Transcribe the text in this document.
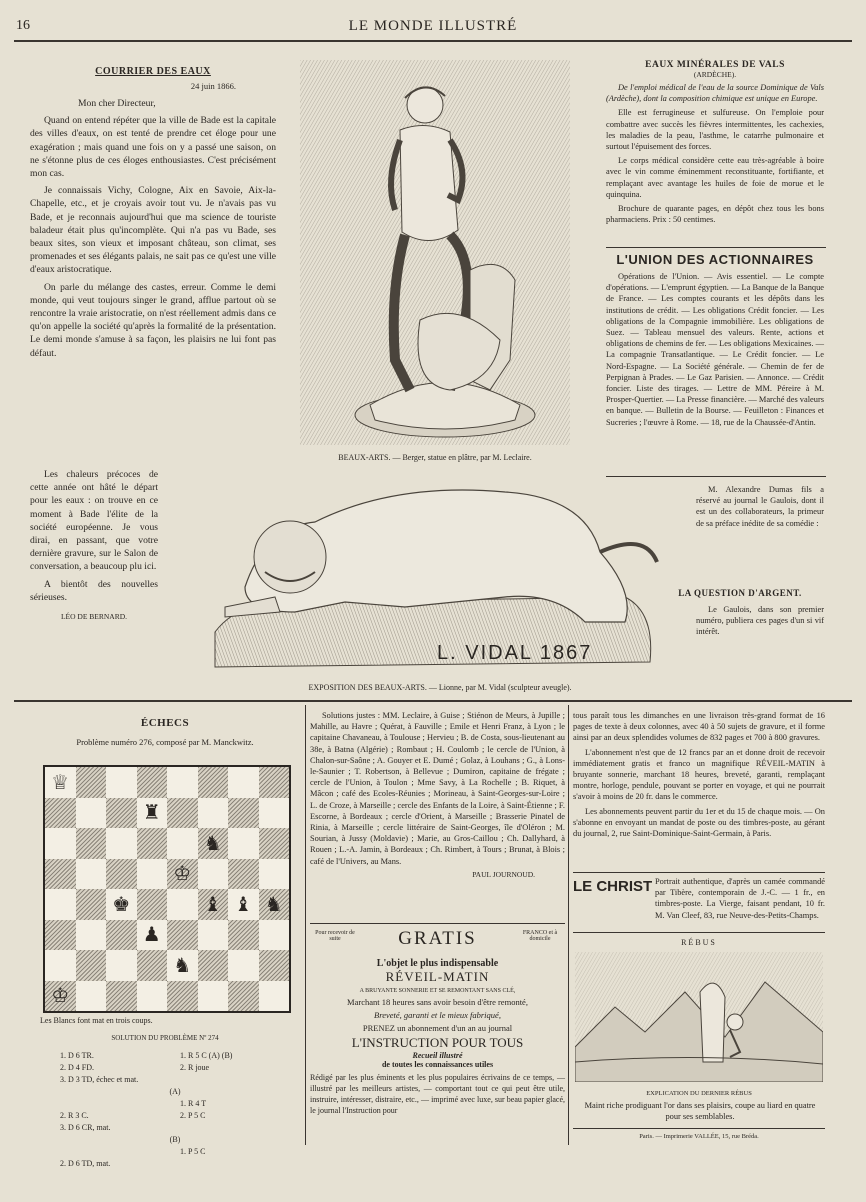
16	LE MONDE ILLUSTRÉ
COURRIER DES EAUX
24 juin 1866.

Mon cher Directeur,

Quand on entend répéter que la ville de Bade est la capitale des villes d'eaux, on est tenté de prendre cet éloge pour une exagération ; mais quand une fois on y a passé une saison, on ne s'étonne plus de ces éloges enthousiastes. C'est précisément mon cas.

Je connaissais Vichy, Cologne, Aix en Savoie, Aix-la-Chapelle, etc., et je croyais avoir tout vu. Je n'avais pas vu Bade, et je reconnais aujourd'hui que ma science de touriste baladeur était plus qu'incomplète. Qui n'a pas vu Bade, ses beaux sites, son vieux et imposant château, son climat, ses promenades et ses élégants palais, ne sait pas ce qu'est une ville d'eaux aristocratique.

On parle du mélange des castes, erreur. Comme le demi monde, qui veut toujours singer le grand, afflue partout où se rencontre la vraie aristocratie, on n'est réellement admis dans ce qu'on appelle la société qu'après la formalité de la présentation. Le demi monde s'amuse à sa façon, les plaisirs ne lui font pas défaut.

Les chaleurs précoces de cette année ont hâté le départ pour les eaux : on trouve en ce moment à Bade l'élite de la société européenne. Je vous dirai, en passant, que votre dernière gravure, sur le Salon de conversation, a beaucoup plu ici.

A bientôt des nouvelles sérieuses.

LÉO DE BERNARD.
BEAUX-ARTS. — Berger, statue en plâtre, par M. Leclaire.
L. VIDAL 1867
EXPOSITION DES BEAUX-ARTS. — Lionne, par M. Vidal (sculpteur aveugle).
EAUX MINÉRALES DE VALS
(ARDÈCHE).

De l'emploi médical de l'eau de la source Dominique de Vals (Ardèche), dont la composition chimique est unique en Europe.

Elle est ferrugineuse et sulfureuse. On l'emploie pour combattre avec succès les fièvres intermittentes, les cachexies, les maladies de la peau, l'asthme, le catarrhe pulmonaire et surtout l'épuisement des forces.

Le corps médical considère cette eau très-agréable à boire avec le vin comme éminemment reconstituante, fortifiante, et remplaçant avec avantage les huiles de foie de morue et le quinquina.

Brochure de quarante pages, en dépôt chez tous les bons pharmaciens. Prix : 50 centimes.

L'UNION DES ACTIONNAIRES

Opérations de l'Union. — Avis essentiel. — Le compte d'opérations. — L'emprunt égyptien. — La Banque de la Banque de France. — Les comptes courants et les dépôts dans les institutions de crédit. — Les obligations Crédit foncier. — Les obligations de la Compagnie immobilière. Les obligations de Suez. — Tableau mensuel des valeurs. Rente, actions et obligations de chemins de fer. — Les obligations Mexicaines. — La compagnie Transatlantique. — Le Crédit foncier. — Le Nord-Espagne. — La Société générale. — Chemin de fer de Perpignan à Prades. — Le Gaz Parisien. — Annonce. — Crédit foncier. Liste des tirages. — Lettre de MM. Péreire à M. Prosper-Quertier. — La Presse financière. — Marché des valeurs en banque. — Bulletin de la Bourse. — Feuilleton : Finances et Sucreries ; l'œuvre à Rome. — 18, rue de la Chaussée-d'Antin.

M. Alexandre Dumas fils a réservé au journal le Gaulois, dont il est un des collaborateurs, la primeur de sa préface inédite de sa comédie :

LA QUESTION D'ARGENT.

Le Gaulois, dans son premier numéro, publiera ces pages d'un si vif intérêt.

ÉCHECS
Problème numéro 276, composé par M. Manckwitz.
♕
♜
♞
♔
♚	♝ ♝ ♞
♟
♞
♔
Les Blancs font mat en trois coups.
SOLUTION DU PROBLÈME Nº 274
1. D 6 TR.	1. R 5 C (A) (B)
2. D 4 FD.	2. R joue
3. D 3 TD, échec et mat.
(A)
1. R 4 T
2. R 3 C.	2. P 5 C
3. D 6 CR, mat.
(B)
1. P 5 C
2. D 6 TD, mat.

Solutions justes : MM. Leclaire, à Guise ; Stiénon de Meurs, à Jupille ; Mahille, au Havre ; Quérat, à Fauville ; Emile et Henri Franz, à Lyon ; le capitaine Chavaneau, à Toulouse ; Hervieu ; B. de Costa, sous-lieutenant au 38e, à Batna (Algérie) ; Rombaut ; H. Coulomb ; le cercle de l'Union, à Chalon-sur-Saône ; A. Gouyer et E. Dumé ; Golaz, à Louhans ; G., à Lons-le-Saunier ; T. Robertson, à Bellevue ; Dumiron, capitaine de frégate ; cercle de l'Union, à Toulon ; Mme Savy, à La Rochelle ; B. Riquet, à Mâcon ; café des Ecoles-Réunies ; Morineau, à Saint-Georges-sur-Loire ; L. de Croze, à Marseille ; cercle des Enfants de la Loire, à Saint-Étienne ; F. Escorne, à Bordeaux ; cercle d'Orient, à Marseille ; Brasserie Pinatel de Rinia, à Marseille ; cercle littéraire de Saint-Georges, île d'Oléron ; M. Sourian, à Jussy (Moldavie) ; Marie, au Gros-Caillou ; Ch. Dallyhard, à Rouen ; L.-A. Jamin, à Bordeaux ; Ch. Rimbert, à Tours ; Brunat, à Blois ; café de l'Univers, au Mans.

PAUL JOURNOUD.
Pour recevoir de suite
FRANCO et à domicile
GRATIS
L'objet le plus indispensable
RÉVEIL-MATIN
A BRUYANTE SONNERIE ET SE REMONTANT SANS CLÉ,
Marchant 18 heures sans avoir besoin d'être remonté,
Breveté, garanti et le mieux fabriqué,
PRENEZ un abonnement d'un an au journal
L'INSTRUCTION POUR TOUS
Recueil illustré
de toutes les connaissances utiles
Rédigé par les plus éminents et les plus populaires écrivains de ce temps, — illustré par les meilleurs artistes, — comportant tout ce qui peut être utile, instruire, intéresser, distraire, etc., — imprimé avec luxe, sur beau papier glacé, le journal l'Instruction pour

tous paraît tous les dimanches en une livraison très-grand format de 16 pages de texte à deux colonnes, avec 40 à 50 sujets de gravure, et il forme ainsi par an deux splendides volumes de 832 pages et 700 à 800 gravures.

L'abonnement n'est que de 12 francs par an et donne droit de recevoir immédiatement gratis et franco un magnifique RÉVEIL-MATIN à bruyante sonnerie, marchant 18 heures, breveté, garanti, remplaçant montre, horloge, pendule, pouvant se porter en voyage, et qui ne pourrait s'avoir à moins de 20 fr. dans le commerce.

Les abonnements peuvent partir du 1er et du 15 de chaque mois. — On s'abonne en envoyant un mandat de poste ou des timbres-poste, au gérant du journal, 2, rue Saint-Dominique-Saint-Germain, à Paris.

LE CHRIST Portrait authentique, d'après un camée commandé par Tibère, contemporain de J.-C. — 1 fr., en timbres-poste. La Vierge, faisant pendant, 10 fr. M. Van Cleef, 83, rue Neuve-des-Petits-Champs.

RÉBUS
EXPLICATION DU DERNIER RÉBUS

Maint riche prodiguant l'or dans ses plaisirs, coupe au liard en quatre pour ses semblables.

Paris. — Imprimerie VALLÉE, 15, rue Bréda.
